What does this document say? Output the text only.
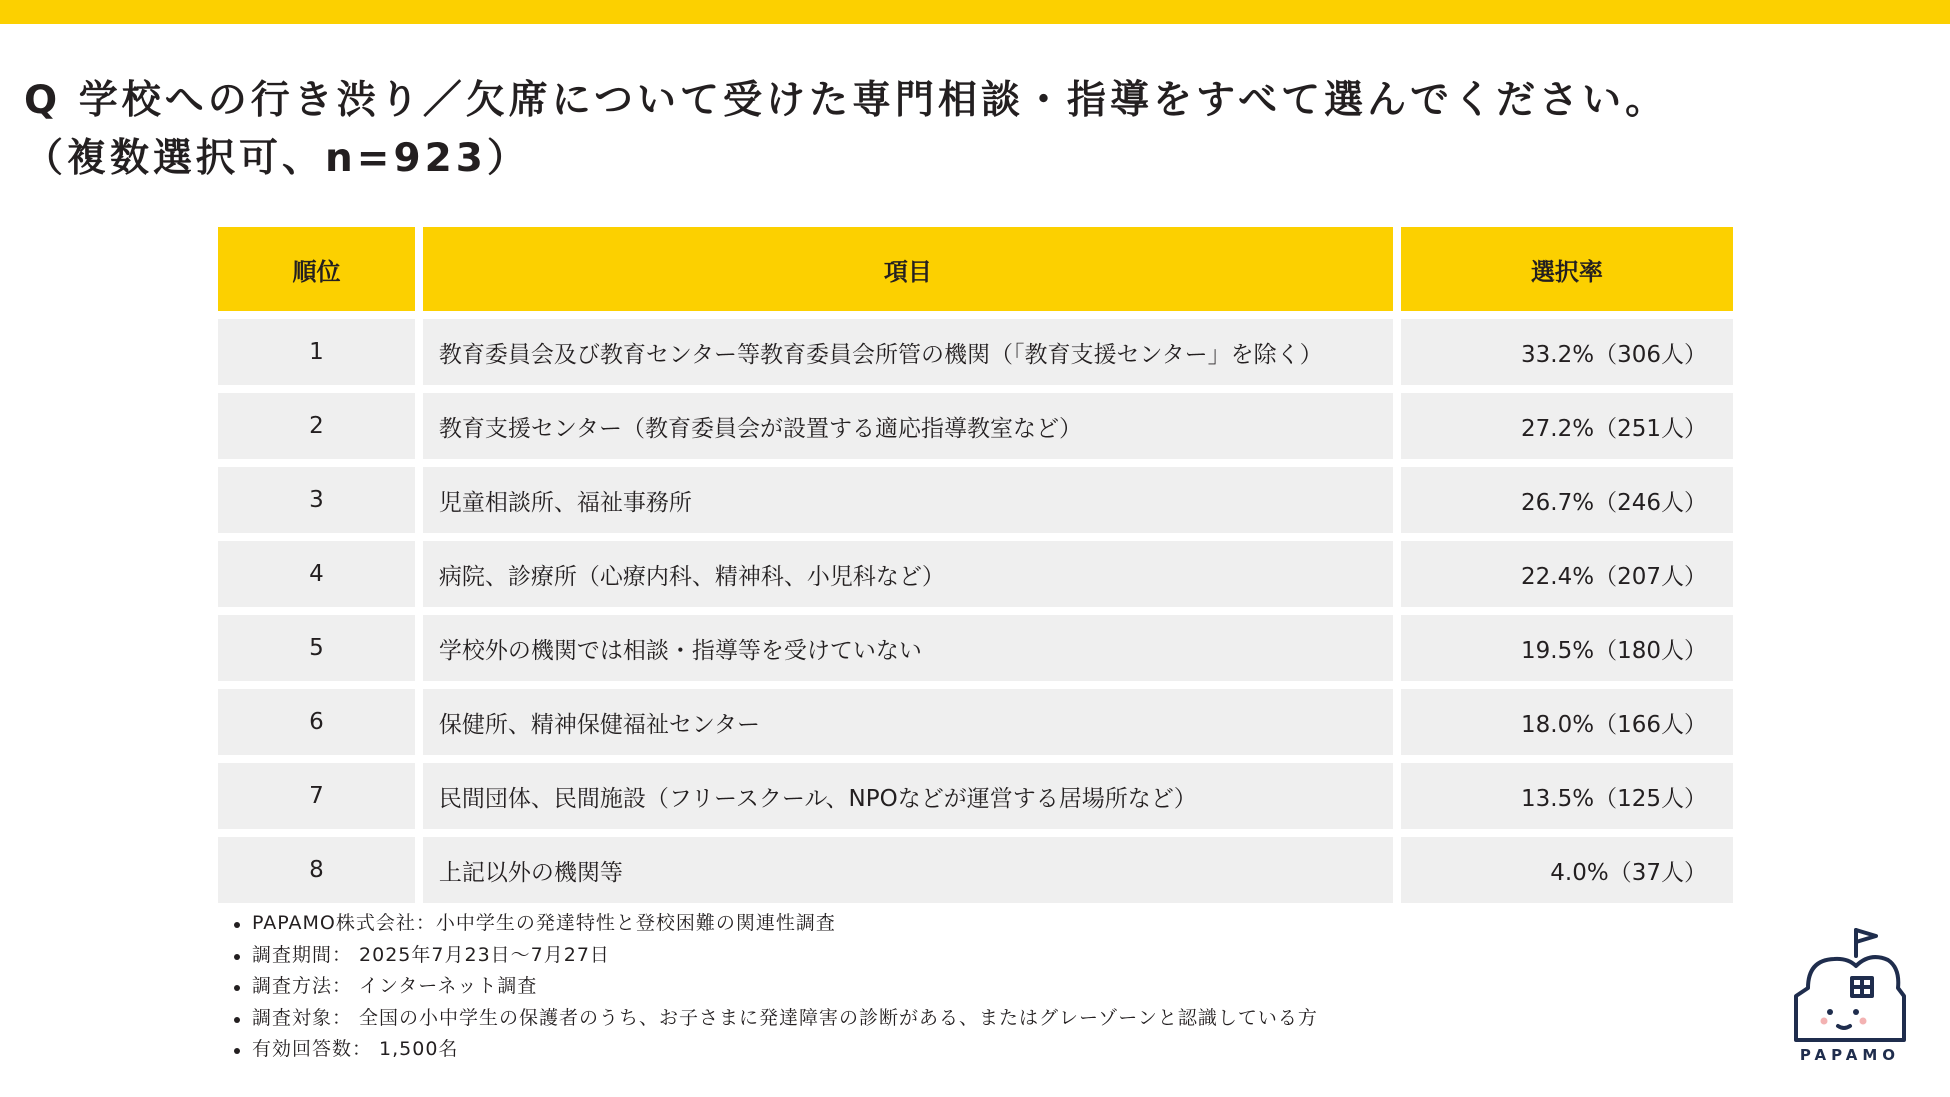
Q 学校への行き渋り／欠席について受けた専門相談・指導をすべて選んでください。
（複数選択可、n=923）
順位	項目	選択率
1	教育委員会及び教育センター等教育委員会所管の機関（「教育支援センター」を除く）	33.2%（306人）
2	教育支援センター（教育委員会が設置する適応指導教室など）	27.2%（251人）
3	児童相談所、福祉事務所	26.7%（246人）
4	病院、診療所（心療内科、精神科、小児科など）	22.4%（207人）
5	学校外の機関では相談・指導等を受けていない	19.5%（180人）
6	保健所、精神保健福祉センター	18.0%（166人）
7	民間団体、民間施設（フリースクール、NPOなどが運営する居場所など）	13.5%（125人）
8	上記以外の機関等	4.0%（37人）
PAPAMO株式会社：小中学生の発達特性と登校困難の関連性調査
調査期間： 2025年7月23日〜7月27日
調査方法： インターネット調査
調査対象： 全国の小中学生の保護者のうち、お子さまに発達障害の診断がある、またはグレーゾーンと認識している方
有効回答数： 1,500名	PAPAMO
